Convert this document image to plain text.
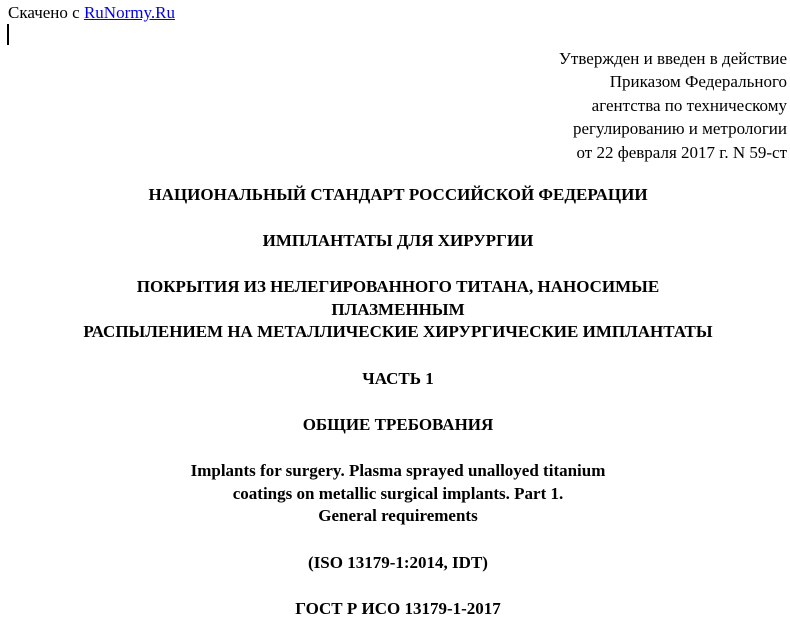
Скачено с RuNormy.Ru
Утвержден и введен в действие
Приказом Федерального
агентства по техническому
регулированию и метрологии
от 22 февраля 2017 г. N 59-ст
НАЦИОНАЛЬНЫЙ СТАНДАРТ РОССИЙСКОЙ ФЕДЕРАЦИИ
ИМПЛАНТАТЫ ДЛЯ ХИРУРГИИ
ПОКРЫТИЯ ИЗ НЕЛЕГИРОВАННОГО ТИТАНА, НАНОСИМЫЕ
ПЛАЗМЕННЫМ
РАСПЫЛЕНИЕМ НА МЕТАЛЛИЧЕСКИЕ ХИРУРГИЧЕСКИЕ ИМПЛАНТАТЫ
ЧАСТЬ 1
ОБЩИЕ ТРЕБОВАНИЯ
Implants for surgery. Plasma sprayed unalloyed titanium
coatings on metallic surgical implants. Part 1.
General requirements
(ISO 13179-1:2014, IDT)
ГОСТ Р ИСО 13179-1-2017
